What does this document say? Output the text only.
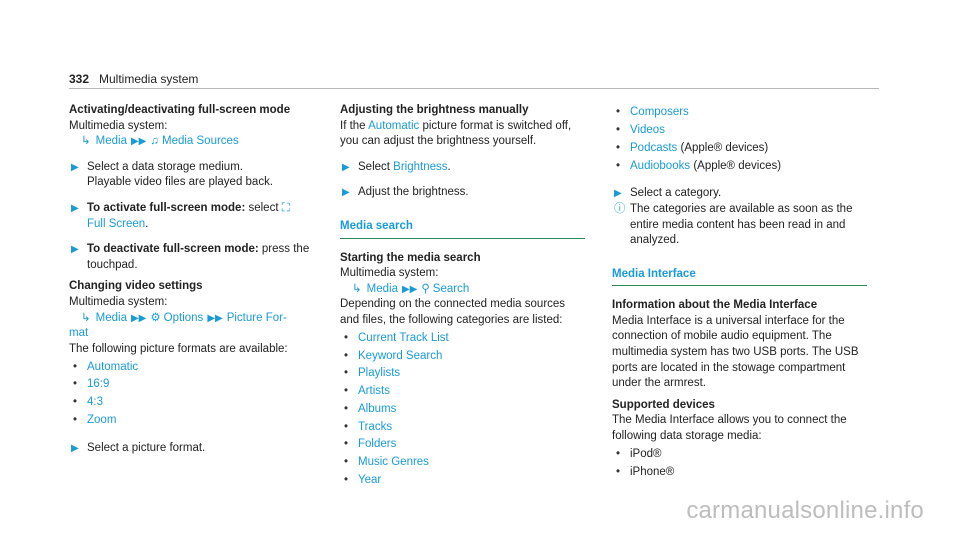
332 Multimedia system
Activating/deactivating full-screen mode
Multimedia system:
↳ Media ▶▶ ♫ Media Sources
▶ Select a data storage medium.
Playable video files are played back.
▶ To activate full-screen mode: select ⛶
Full Screen.
▶ To deactivate full-screen mode: press the touchpad.
Changing video settings
Multimedia system:
↳ Media ▶▶ ⚙ Options ▶▶ Picture For-
mat
The following picture formats are available:
• Automatic
• 16:9
• 4:3
• Zoom
▶ Select a picture format.
Adjusting the brightness manually
If the Automatic picture format is switched off, you can adjust the brightness yourself.
▶ Select Brightness.
▶ Adjust the brightness.
Media search
Starting the media search
Multimedia system:
↳ Media ▶▶ ⚲ Search
Depending on the connected media sources and files, the following categories are listed:
• Current Track List
• Keyword Search
• Playlists
• Artists
• Albums
• Tracks
• Folders
• Music Genres
• Year
• Composers
• Videos
• Podcasts (Apple® devices)
• Audiobooks (Apple® devices)
▶ Select a category.
ⓘ The categories are available as soon as the entire media content has been read in and analyzed.
Media Interface
Information about the Media Interface
Media Interface is a universal interface for the connection of mobile audio equipment. The multimedia system has two USB ports. The USB ports are located in the stowage compartment under the armrest.
Supported devices
The Media Interface allows you to connect the following data storage media:
• iPod®
• iPhone®
carmanualsonline.info
